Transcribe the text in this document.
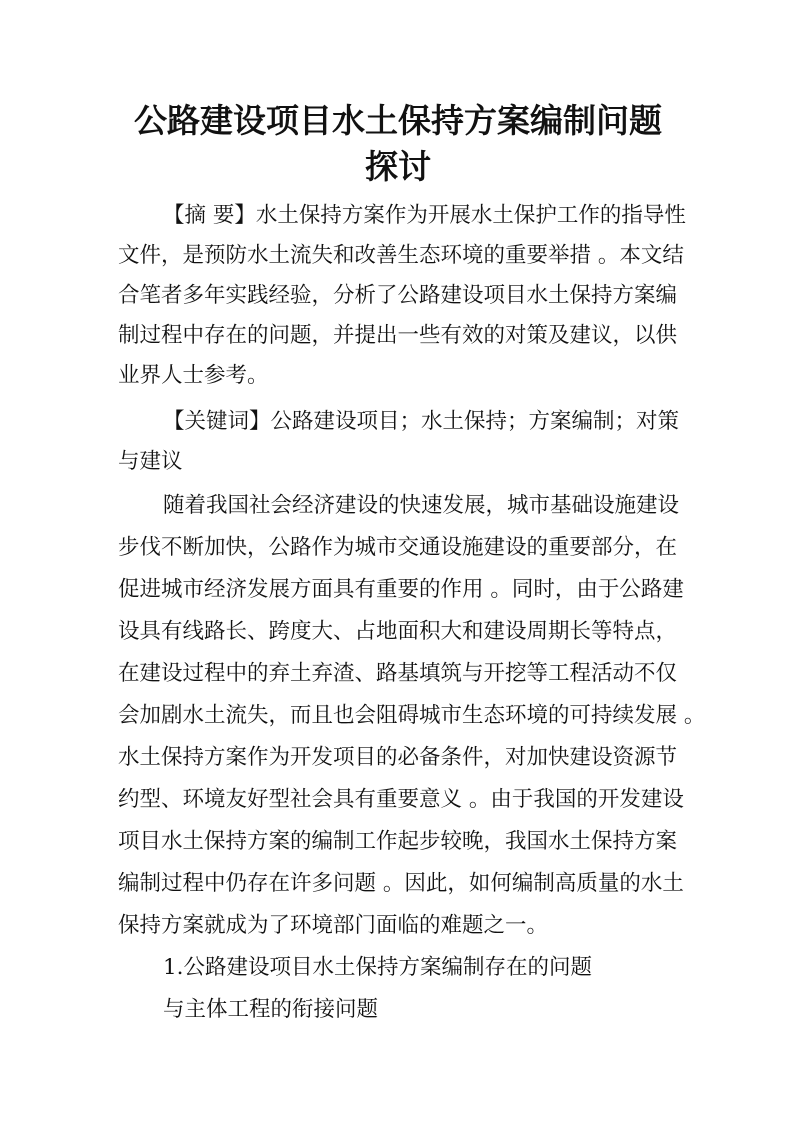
公路建设项目水土保持方案编制问题探讨

【摘 要】水土保持方案作为开展水土保护工作的指导性

文件，是预防水土流失和改善生态环境的重要举措 。本文结

合笔者多年实践经验，分析了公路建设项目水土保持方案编

制过程中存在的问题，并提出一些有效的对策及建议，以供

业界人士参考。

【关键词】公路建设项目；水土保持；方案编制；对策

与建议

随着我国社会经济建设的快速发展，城市基础设施建设

步伐不断加快，公路作为城市交通设施建设的重要部分，在

促进城市经济发展方面具有重要的作用 。同时，由于公路建

设具有线路长、跨度大、占地面积大和建设周期长等特点，

在建设过程中的弃土弃渣、路基填筑与开挖等工程活动不仅

会加剧水土流失，而且也会阻碍城市生态环境的可持续发展 。

水土保持方案作为开发项目的必备条件，对加快建设资源节

约型、环境友好型社会具有重要意义 。由于我国的开发建设

项目水土保持方案的编制工作起步较晚，我国水土保持方案

编制过程中仍存在许多问题 。因此，如何编制高质量的水土

保持方案就成为了环境部门面临的难题之一。

1.公路建设项目水土保持方案编制存在的问题

与主体工程的衔接问题
